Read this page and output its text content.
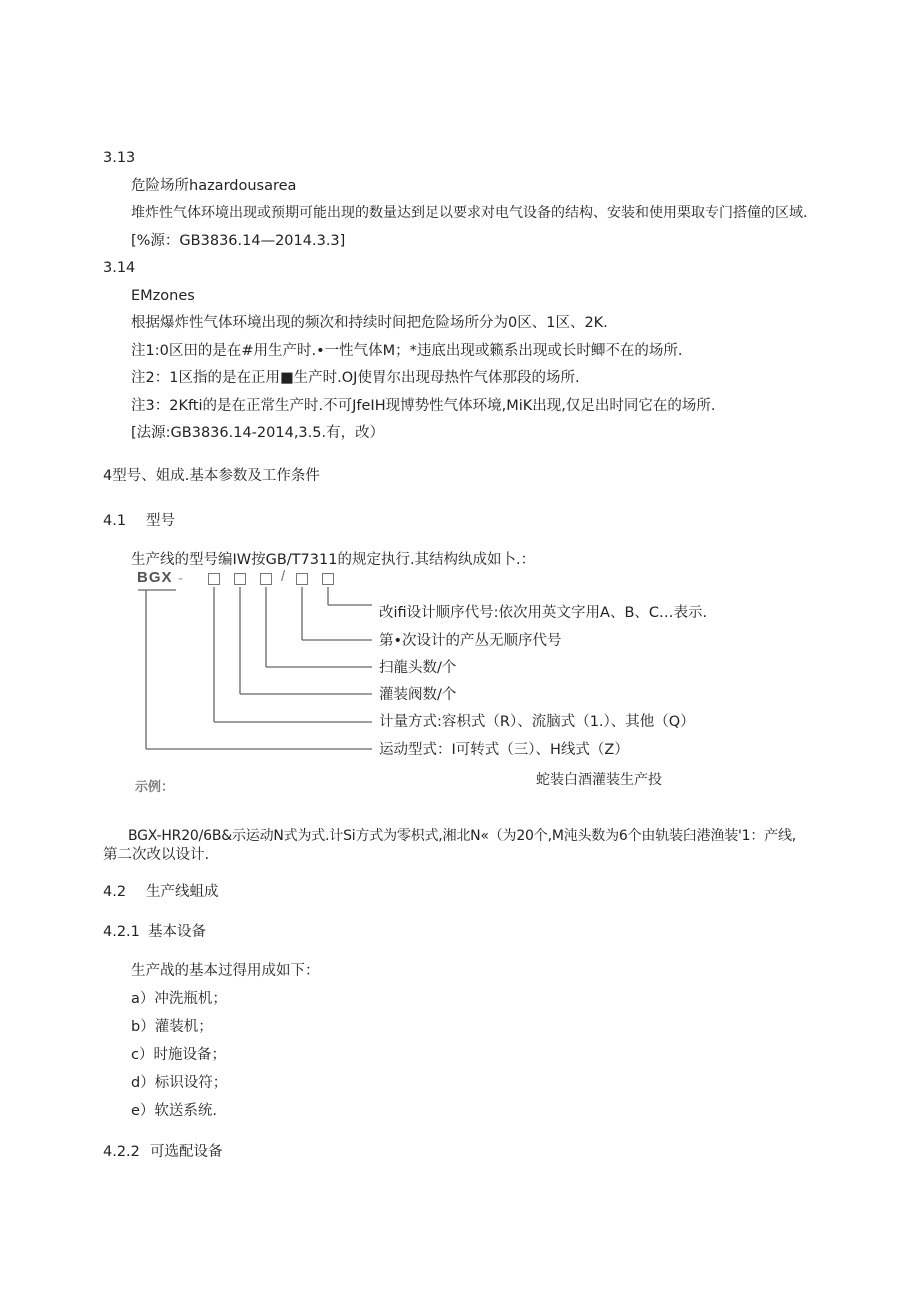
3.13
危险场所hazardousarea
堆炸性气体环境出现或预期可能出现的数量达到足以要求对电气设备的结构、安装和使用栗取专门搭僮的区域.
[%源：GB3836.14—2014.3.3]
3.14
EMzones
根据爆炸性气体环境出现的频次和持续时间把危险场所分为0区、1区、2K.
注1:0区田的是在#用生产时.•一性气体M；*违底出现或籁系出现或长时鲫不在的场所.
注2：1区指的是在正用■生产时.OJ使胃尔出现母热忤气体那段的场所.
注3：2Kfti的是在正常生产时.不可JfeIH现博势性气体环境,MiK出现,仅足出时同它在的场所.
[法源:GB3836.14-2014,3.5.有，改）
4型号、姐成.基本参数及工作条件
4.1 型号
生产线的型号编IW按GB/T7311的规定执行.其结构纨成如卜.：
BGX -	/
改ifi设计顺序代号:依次用英文字用A、B、C…表示.
第•次设计的产丛无顺序代号
扫龍头数/个
灌装阀数/个
计量方式:容枳式（R）、流脑式（1.）、其他（Q）
运动型式：I可转式（三）、H线式（Z）
示例：	蛇装白酒灌装生产投
BGX-HR20/6B&示运动N式为式.计Si方式为零枳式,湘北N«（为20个,M沌头数为6个由轨装臼港渔装'1：产线,
第二次改以设计.
4.2 生产线蛆成
4.2.1 基本设备
生产战的基本过得用成如下：
a）冲洗瓶机；
b）灌装机；
c）时施设备；
d）标识设符；
e）软送系统.
4.2.2 可选配设备
